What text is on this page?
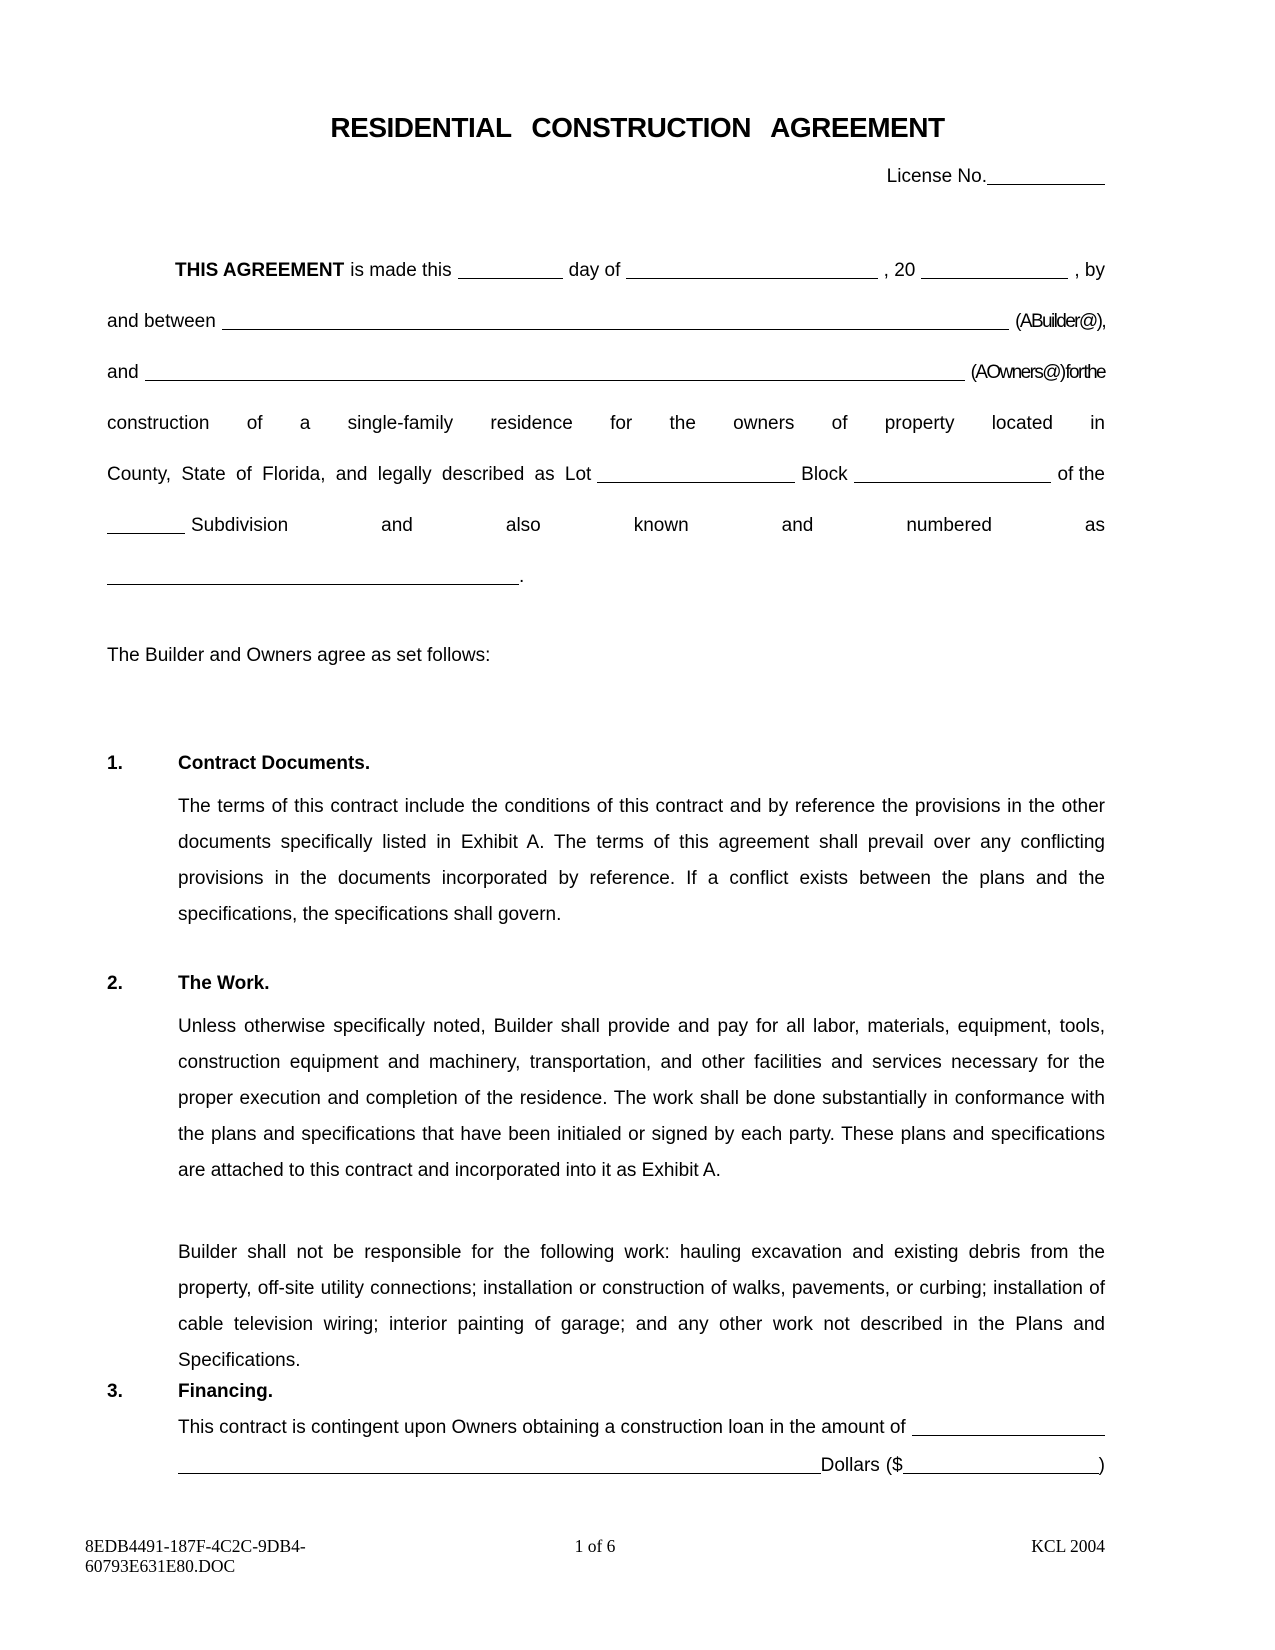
RESIDENTIAL CONSTRUCTION AGREEMENT
License No.
THIS AGREEMENT is made this	day of	, 20	, by
and between	(ABuilder@),
and	(AOwners@) for the
construction of a single-family residence for the owners of property located in
County, State of Florida, and legally described as Lot	Block	of the
Subdivision and also known and numbered as
.
The Builder and Owners agree as set follows:
1.	Contract Documents.
The terms of this contract include the conditions of this contract and by reference the provisions in the other documents specifically listed in Exhibit A. The terms of this agreement shall prevail over any conflicting provisions in the documents incorporated by reference. If a conflict exists between the plans and the specifications, the specifications shall govern.
2.	The Work.
Unless otherwise specifically noted, Builder shall provide and pay for all labor, materials, equipment, tools, construction equipment and machinery, transportation, and other facilities and services necessary for the proper execution and completion of the residence. The work shall be done substantially in conformance with the plans and specifications that have been initialed or signed by each party. These plans and specifications are attached to this contract and incorporated into it as Exhibit A.
Builder shall not be responsible for the following work: hauling excavation and existing debris from the property, off-site utility connections; installation or construction of walks, pavements, or curbing; installation of cable television wiring; interior painting of garage; and any other work not described in the Plans and Specifications.
3.	Financing.
This contract is contingent upon Owners obtaining a construction loan in the amount of
Dollars ($	)
8EDB4491-187F-4C2C-9DB4-
60793E631E80.DOC
1 of 6	KCL 2004
